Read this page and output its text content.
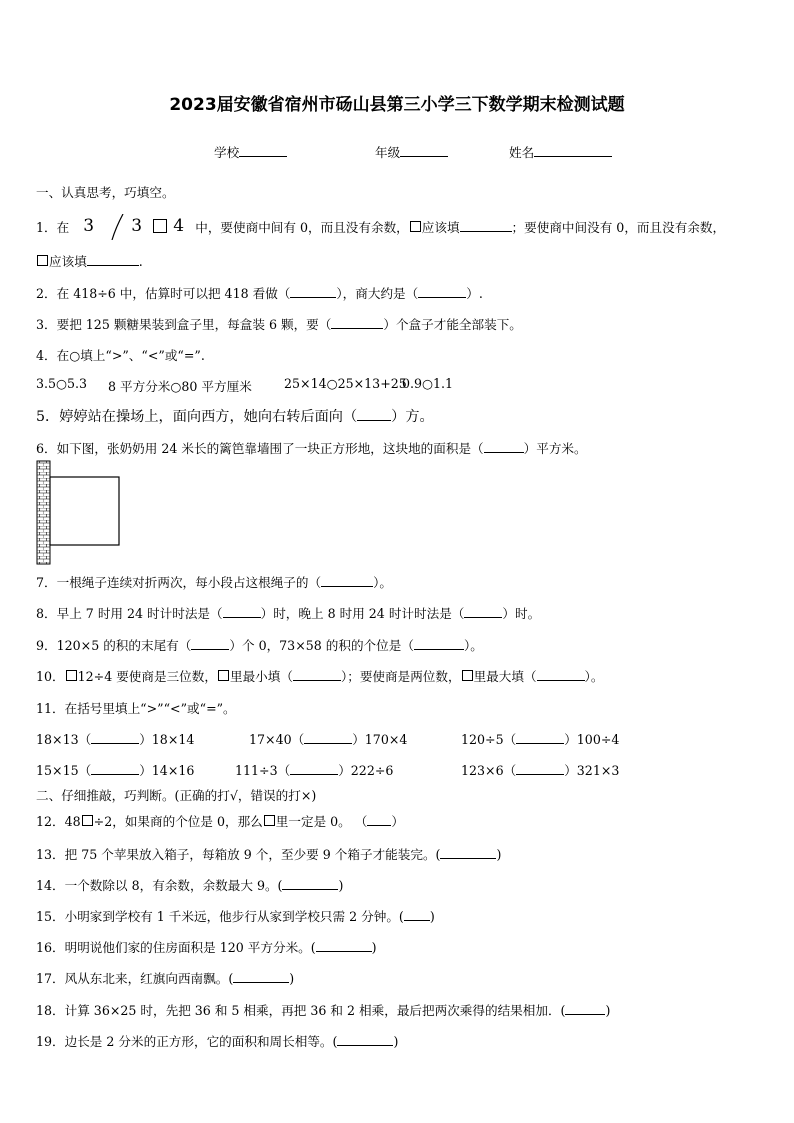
2023届安徽省宿州市砀山县第三小学三下数学期末检测试题
学校	年级	姓名
一、认真思考，巧填空。
1．在 3 3 4 中，要使商中间有 0，而且没有余数， 应该填	；要使商中间没有 0，而且没有余数，
应该填	.
2．在 418÷6 中，估算时可以把 418 看做（	），商大约是（	）.
3．要把 125 颗糖果装到盒子里，每盒装 6 颗，要（	）个盒子才能全部装下。
4．在○填上“>”、“<”或“=”.
3.5○5.3 8 平方分米○80 平方厘米	25×14○25×13+25
0.9○1.1
5．婷婷站在操场上，面向西方，她向右转后面向（ ）方。
6．如下图，张奶奶用 24 米长的篱笆靠墙围了一块正方形地，这块地的面积是（	）平方米。
7．一根绳子连续对折两次，每小段占这根绳子的（	）。
8．早上 7 时用 24 时计时法是（	）时，晚上 8 时用 24 时计时法是（	）时。
9．120×5 的积的末尾有（	）个 0，73×58 的积的个位是（	）。
10． 12÷4 要使商是三位数， 里最小填（	）；要使商是两位数， 里最大填（	）。
11．在括号里填上“>”“<”或“=”。
18×13（	）18×14	17×40（	）170×4	120÷5（	）100÷4
15×15（	）14×16	111÷3（	）222÷6	123×6（	）321×3
二、仔细推敲，巧判断。(正确的打√，错误的打×)
12．48 ÷2，如果商的个位是 0，那么 里一定是 0。 （ ）
13．把 75 个苹果放入箱子，每箱放 9 个，至少要 9 个箱子才能装完。(	)
14．一个数除以 8，有余数，余数最大 9。(	)
15．小明家到学校有 1 千米远，他步行从家到学校只需 2 分钟。( )
16．明明说他们家的住房面积是 120 平方分米。(	)
17．风从东北来，红旗向西南飘。(	)
18．计算 36×25 时，先把 36 和 5 相乘，再把 36 和 2 相乘，最后把两次乘得的结果相加．(	)
19．边长是 2 分米的正方形，它的面积和周长相等。(	)
